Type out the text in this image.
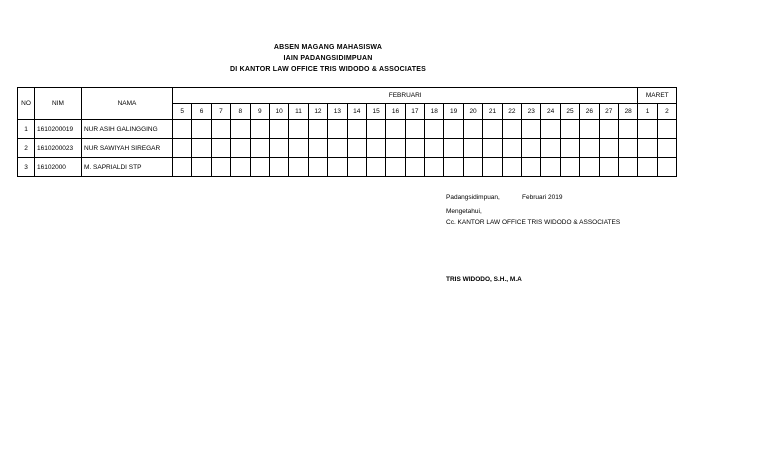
ABSEN MAGANG MAHASISWA
IAIN PADANGSIDIMPUAN
DI KANTOR LAW OFFICE TRIS WIDODO & ASSOCIATES
NO	NIM	NAMA	FEBRUARI																								MARET	
			5	6	7	8	9	10	11	12	13	14	15	16	17	18	19	20	21	22	23	24	25	26	27	28	1	2
1	1610200019	NUR ASIH GALINGGING																										
2	1610200023	NUR SAWIYAH SIREGAR																										
3	16102000	M. SAPRIALDI STP																										
Padangsidimpuan,	Februari 2019
Mengetahui,
Cc. KANTOR LAW OFFICE TRIS WIDODO & ASSOCIATES
TRIS WIDODO, S.H., M.A
